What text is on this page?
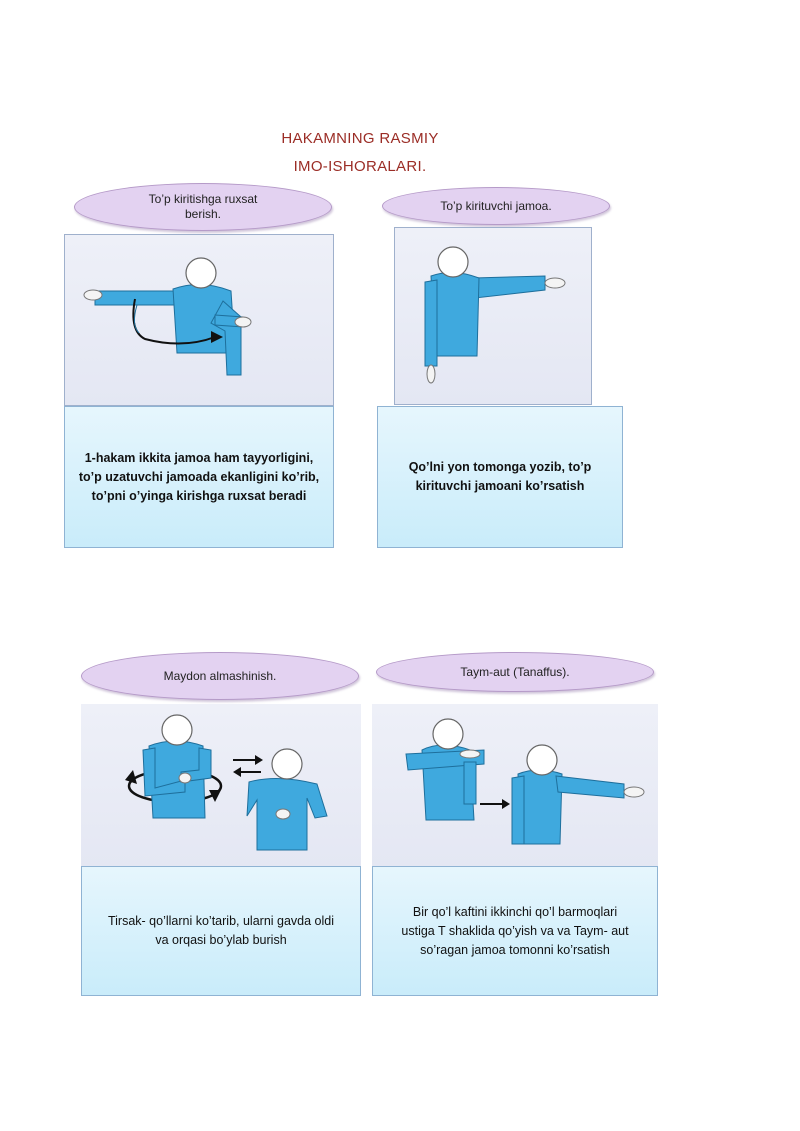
HAKAMNING RASMIY
IMO-ISHORALARI.
To’p kiritishga ruxsat
berish.
1-hakam ikkita jamoa ham tayyorligini,
to’p uzatuvchi jamoada ekanligini ko’rib,
to’pni o’yinga kirishga ruxsat beradi
To’p kirituvchi jamoa.
Qo’lni yon tomonga yozib, to’p
kirituvchi jamoani ko’rsatish
Maydon almashinish.
Tirsak- qo’llarni ko’tarib, ularni gavda oldi
va orqasi bo’ylab burish
Taym-aut (Tanaffus).
Bir qo’l kaftini ikkinchi qo’l barmoqlari
ustiga T shaklida qo’yish va va Taym- aut
so’ragan jamoa tomonni ko’rsatish
